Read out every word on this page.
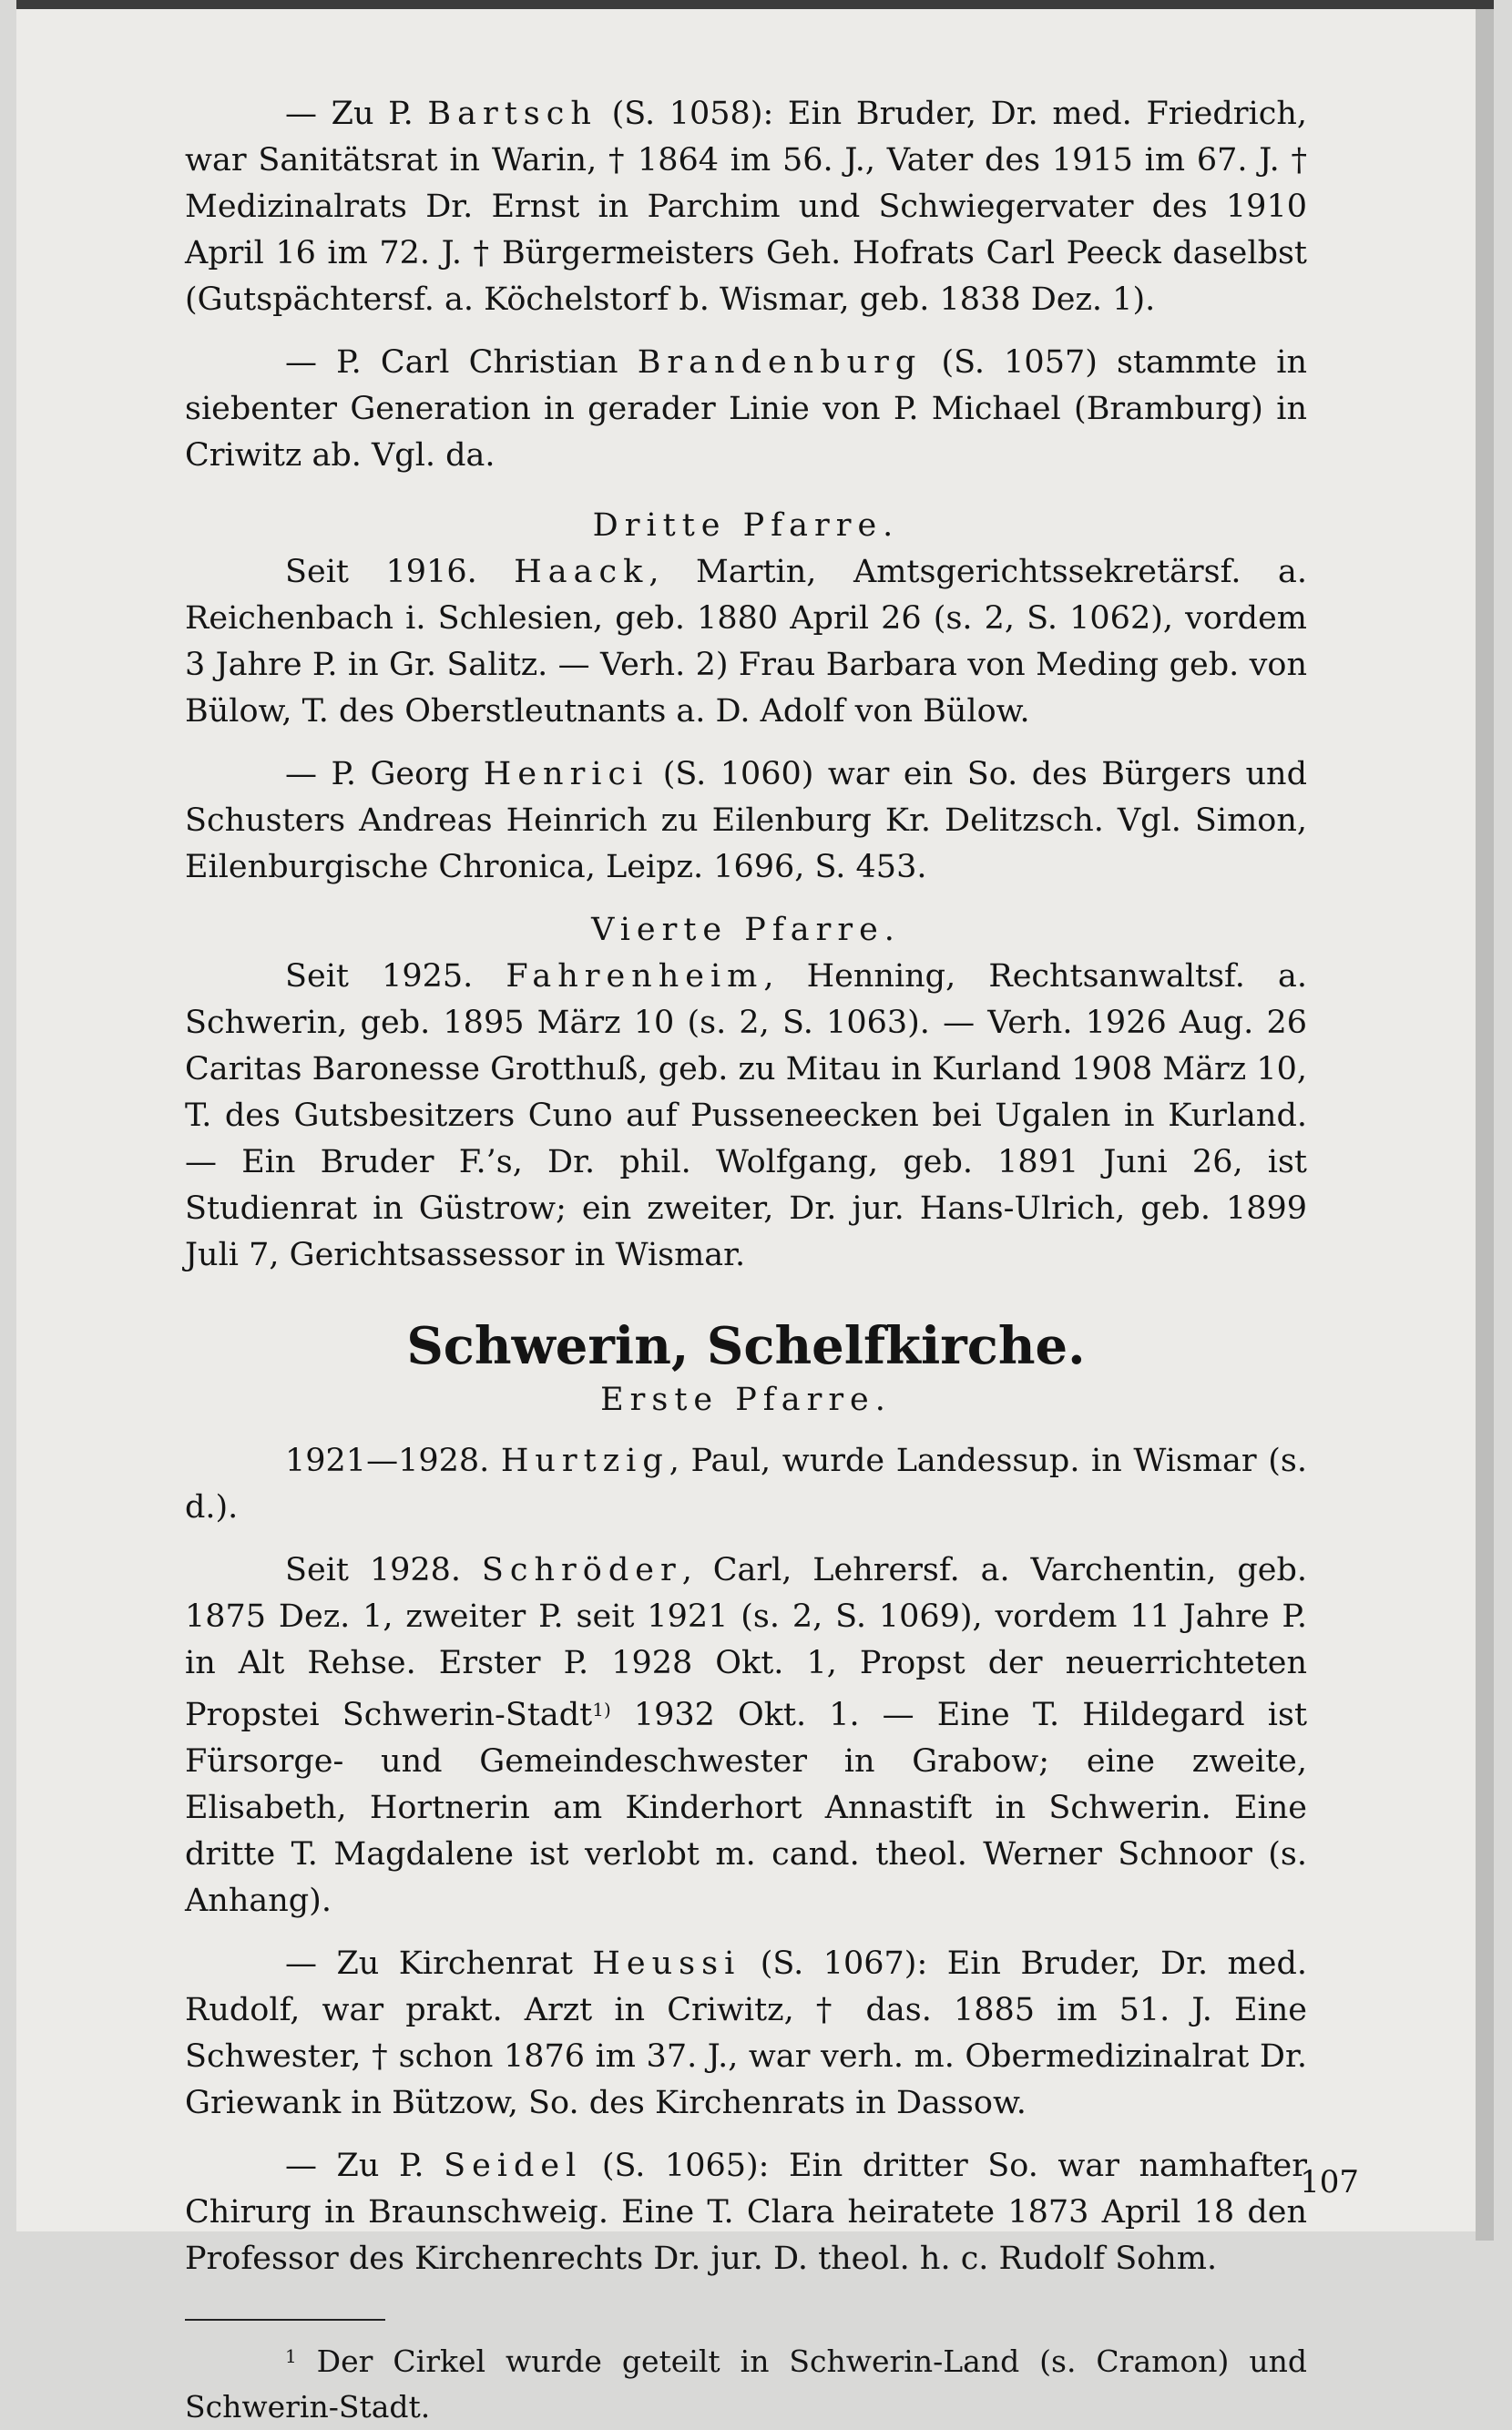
— Zu P. Bartsch (S. 1058): Ein Bruder, Dr. med. Friedrich, war Sanitätsrat in Warin, † 1864 im 56. J., Vater des 1915 im 67. J. † Medizinalrats Dr. Ernst in Parchim und Schwiegervater des 1910 April 16 im 72. J. † Bürgermeisters Geh. Hofrats Carl Peeck daselbst (Gutspächtersf. a. Köchelstorf b. Wismar, geb. 1838 Dez. 1).

— P. Carl Christian Brandenburg (S. 1057) stammte in siebenter Generation in gerader Linie von P. Michael (Bramburg) in Criwitz ab. Vgl. da.

Dritte Pfarre.

Seit 1916. Haack, Martin, Amtsgerichtssekretärsf. a. Reichenbach i. Schlesien, geb. 1880 April 26 (s. 2, S. 1062), vordem 3 Jahre P. in Gr. Salitz. — Verh. 2) Frau Barbara von Meding geb. von Bülow, T. des Oberstleutnants a. D. Adolf von Bülow.

— P. Georg Henrici (S. 1060) war ein So. des Bürgers und Schusters Andreas Heinrich zu Eilenburg Kr. Delitzsch. Vgl. Simon, Eilenburgische Chronica, Leipz. 1696, S. 453.

Vierte Pfarre.

Seit 1925. Fahrenheim, Henning, Rechtsanwaltsf. a. Schwerin, geb. 1895 März 10 (s. 2, S. 1063). — Verh. 1926 Aug. 26 Caritas Baronesse Grotthuß, geb. zu Mitau in Kurland 1908 März 10, T. des Gutsbesitzers Cuno auf Pusseneecken bei Ugalen in Kurland. — Ein Bruder F.’s, Dr. phil. Wolfgang, geb. 1891 Juni 26, ist Studienrat in Güstrow; ein zweiter, Dr. jur. Hans-Ulrich, geb. 1899 Juli 7, Gerichtsassessor in Wismar.

Schwerin, Schelfkirche.
Erste Pfarre.

1921—1928. Hurtzig, Paul, wurde Landessup. in Wismar (s. d.).

Seit 1928. Schröder, Carl, Lehrersf. a. Varchentin, geb. 1875 Dez. 1, zweiter P. seit 1921 (s. 2, S. 1069), vordem 11 Jahre P. in Alt Rehse. Erster P. 1928 Okt. 1, Propst der neuerrichteten Propstei Schwerin-Stadt$^{1)}$ 1932 Okt. 1. — Eine T. Hildegard ist Fürsorge- und Gemeindeschwester in Grabow; eine zweite, Elisabeth, Hortnerin am Kinderhort Annastift in Schwerin. Eine dritte T. Magdalene ist verlobt m. cand. theol. Werner Schnoor (s. Anhang).

— Zu Kirchenrat Heussi (S. 1067): Ein Bruder, Dr. med. Rudolf, war prakt. Arzt in Criwitz, † das. 1885 im 51. J. Eine Schwester, † schon 1876 im 37. J., war verh. m. Obermedizinalrat Dr. Griewank in Bützow, So. des Kirchenrats in Dassow.

— Zu P. Seidel (S. 1065): Ein dritter So. war namhafter Chirurg in Braunschweig. Eine T. Clara heiratete 1873 April 18 den Professor des Kirchenrechts Dr. jur. D. theol. h. c. Rudolf Sohm.

$^1$ Der Cirkel wurde geteilt in Schwerin-Land (s. Cramon) und Schwerin-Stadt.

107
